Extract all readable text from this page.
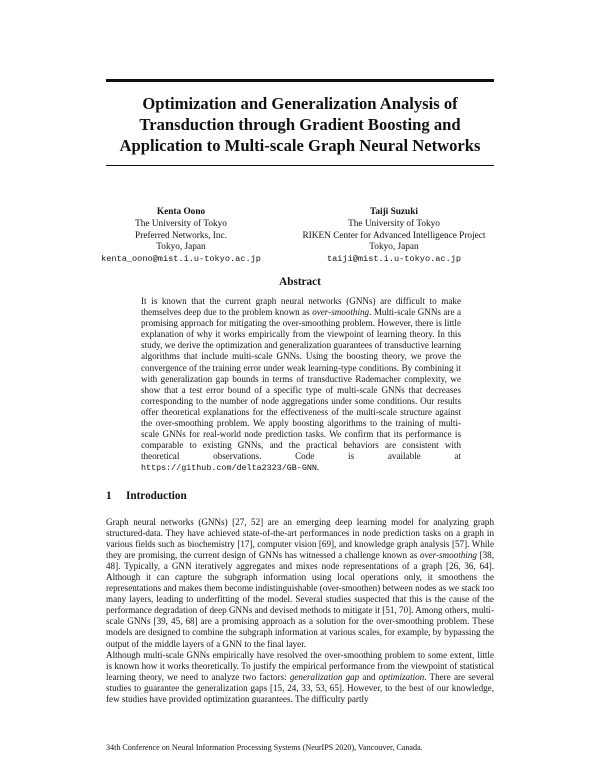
Optimization and Generalization Analysis of
Transduction through Gradient Boosting and
Application to Multi-scale Graph Neural Networks
Kenta Oono
The University of Tokyo
Preferred Networks, Inc.
Tokyo, Japan
kenta_oono@mist.i.u-tokyo.ac.jp
Taiji Suzuki
The University of Tokyo
RIKEN Center for Advanced Intelligence Project
Tokyo, Japan
taiji@mist.i.u-tokyo.ac.jp
Abstract
It is known that the current graph neural networks (GNNs) are difficult to make themselves deep due to the problem known as over-smoothing. Multi-scale GNNs are a promising approach for mitigating the over-smoothing problem. However, there is little explanation of why it works empirically from the viewpoint of learning theory. In this study, we derive the optimization and generalization guarantees of transductive learning algorithms that include multi-scale GNNs. Using the boosting theory, we prove the convergence of the training error under weak learning-type conditions. By combining it with generalization gap bounds in terms of transductive Rademacher complexity, we show that a test error bound of a specific type of multi-scale GNNs that decreases corresponding to the number of node aggregations under some conditions. Our results offer theoretical explanations for the effectiveness of the multi-scale structure against the over-smoothing problem. We apply boosting algorithms to the training of multi-scale GNNs for real-world node prediction tasks. We confirm that its performance is comparable to existing GNNs, and the practical behaviors are consistent with theoretical observations. Code is available at https://github.com/delta2323/GB-GNN.
1 Introduction
Graph neural networks (GNNs) [27, 52] are an emerging deep learning model for analyzing graph structured-data. They have achieved state-of-the-art performances in node prediction tasks on a graph in various fields such as biochemistry [17], computer vision [69], and knowledge graph analysis [57]. While they are promising, the current design of GNNs has witnessed a challenge known as over-smoothing [38, 48]. Typically, a GNN iteratively aggregates and mixes node representations of a graph [26, 36, 64]. Although it can capture the subgraph information using local operations only, it smoothens the representations and makes them become indistinguishable (over-smoothen) between nodes as we stack too many layers, leading to underfitting of the model. Several studies suspected that this is the cause of the performance degradation of deep GNNs and devised methods to mitigate it [51, 70]. Among others, multi-scale GNNs [39, 45, 68] are a promising approach as a solution for the over-smoothing problem. These models are designed to combine the subgraph information at various scales, for example, by bypassing the output of the middle layers of a GNN to the final layer.
Although multi-scale GNNs empirically have resolved the over-smoothing problem to some extent, little is known how it works theoretically. To justify the empirical performance from the viewpoint of statistical learning theory, we need to analyze two factors: generalization gap and optimization. There are several studies to guarantee the generalization gaps [15, 24, 33, 53, 65]. However, to the best of our knowledge, few studies have provided optimization guarantees. The difficulty partly
34th Conference on Neural Information Processing Systems (NeurIPS 2020), Vancouver, Canada.
